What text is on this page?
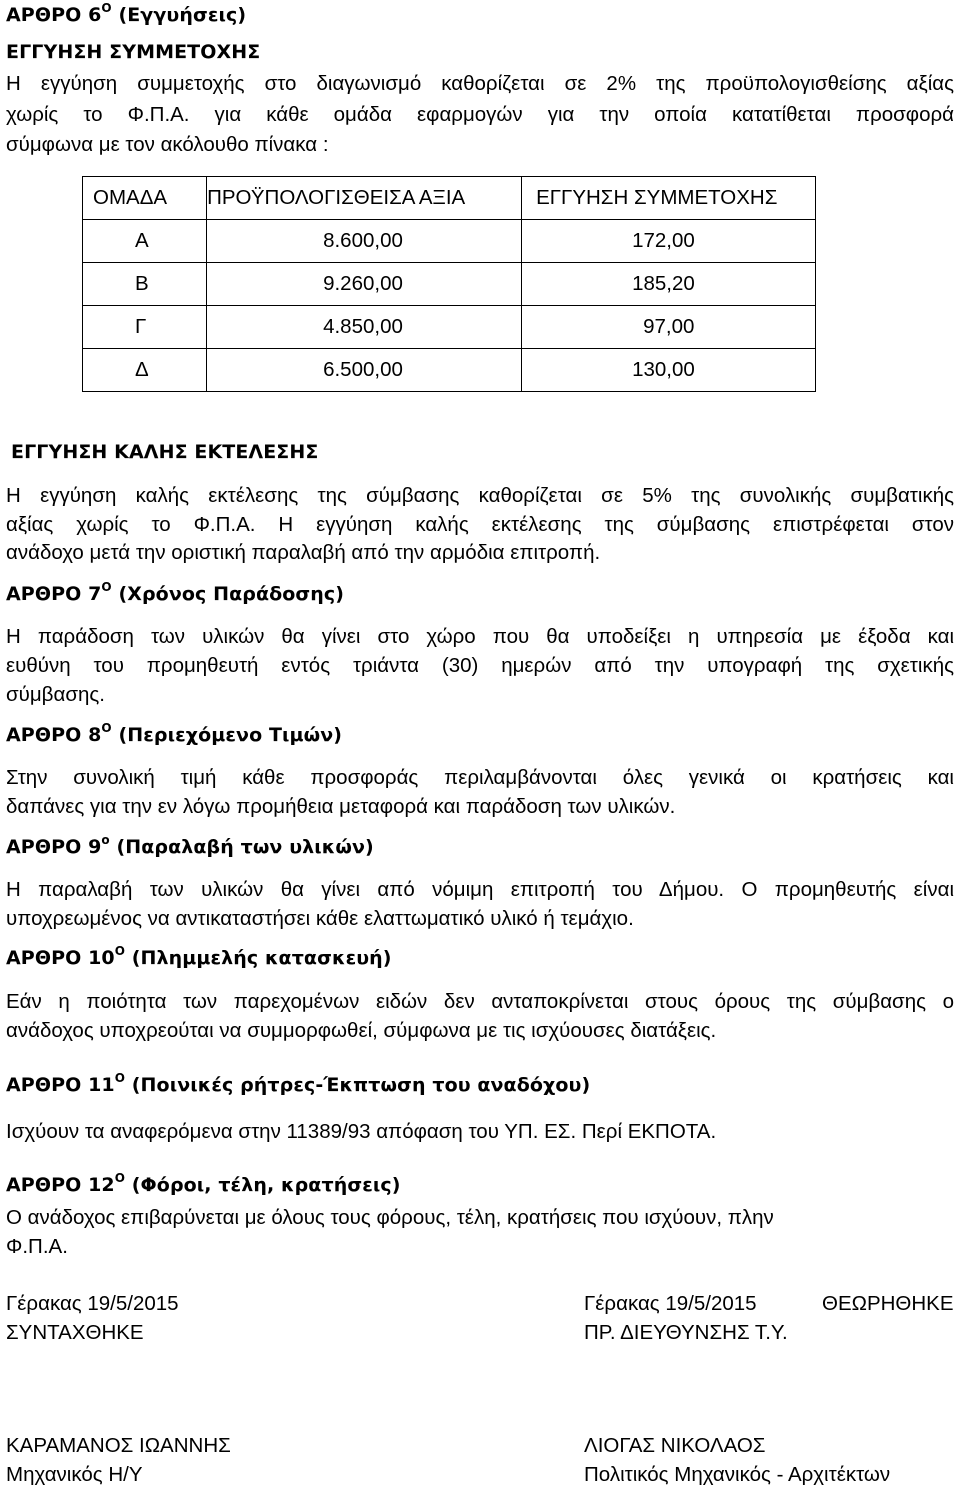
ΑΡΘΡΟ $6^O$ (Εγγυήσεις)
ΕΓΓΥΗΣΗ ΣΥΜΜΕΤΟΧΗΣ
Η εγγύηση συμμετοχής στο διαγωνισμό καθορίζεται σε 2% της προϋπολογισθείσης αξίας
χωρίς το Φ.Π.Α. για κάθε ομάδα εφαρμογών για την οποία κατατίθεται προσφορά
σύμφωνα με τον ακόλουθο πίνακα :
ΟΜΑΔΑ	ΠΡΟΫΠΟΛΟΓΙΣΘΕΙΣΑ ΑΞΙΑ	ΕΓΓΥΗΣΗ ΣΥΜΜΕΤΟΧΗΣ
Α	8.600,00	172,00
Β	9.260,00	185,20
Γ	4.850,00	97,00
Δ	6.500,00	130,00
ΕΓΓΥΗΣΗ ΚΑΛΗΣ ΕΚΤΕΛΕΣΗΣ
Η εγγύηση καλής εκτέλεσης της σύμβασης καθορίζεται σε 5% της συνολικής συμβατικής
αξίας χωρίς το Φ.Π.Α. Η εγγύηση καλής εκτέλεσης της σύμβασης επιστρέφεται στον
ανάδοχο μετά την οριστική παραλαβή από την αρμόδια επιτροπή.
ΑΡΘΡΟ $7^O$ (Χρόνος Παράδοσης)
Η παράδοση των υλικών θα γίνει στο χώρο που θα υποδείξει η υπηρεσία με έξοδα και
ευθύνη του προμηθευτή εντός τριάντα (30) ημερών από την υπογραφή της σχετικής
σύμβασης.
ΑΡΘΡΟ $8^O$ (Περιεχόμενο Τιμών)
Στην συνολική τιμή κάθε προσφοράς περιλαμβάνονται όλες γενικά οι κρατήσεις και
δαπάνες για την εν λόγω προμήθεια μεταφορά και παράδοση των υλικών.
ΑΡΘΡΟ $9^o$ (Παραλαβή των υλικών)
Η παραλαβή των υλικών θα γίνει από νόμιμη επιτροπή του Δήμου. Ο προμηθευτής είναι
υποχρεωμένος να αντικαταστήσει κάθε ελαττωματικό υλικό ή τεμάχιο.
ΑΡΘΡΟ $10^O$ (Πλημμελής κατασκευή)
Εάν η ποιότητα των παρεχομένων ειδών δεν ανταποκρίνεται στους όρους της σύμβασης ο
ανάδοχος υποχρεούται να συμμορφωθεί, σύμφωνα με τις ισχύουσες διατάξεις.
ΑΡΘΡΟ $11^O$ (Ποινικές ρήτρες-Έκπτωση του αναδόχου)
Ισχύουν τα αναφερόμενα στην 11389/93 απόφαση του ΥΠ. ΕΣ. Περί ΕΚΠΟΤΑ.
ΑΡΘΡΟ $12^O$ (Φόροι, τέλη, κρατήσεις)
Ο ανάδοχος επιβαρύνεται με όλους τους φόρους, τέλη, κρατήσεις που ισχύουν, πλην
Φ.Π.Α.
Γέρακας 19/5/2015
ΣΥΝΤΑΧΘΗΚΕ
ΚΑΡΑΜΑΝΟΣ ΙΩΑΝΝΗΣ
Μηχανικός Η/Υ
Γέρακας 19/5/2015	ΘΕΩΡΗΘΗΚΕ
ΠΡ. ΔΙΕΥΘΥΝΣΗΣ Τ.Υ.
ΛΙΟΓΑΣ ΝΙΚΟΛΑΟΣ
Πολιτικός Μηχανικός - Αρχιτέκτων
